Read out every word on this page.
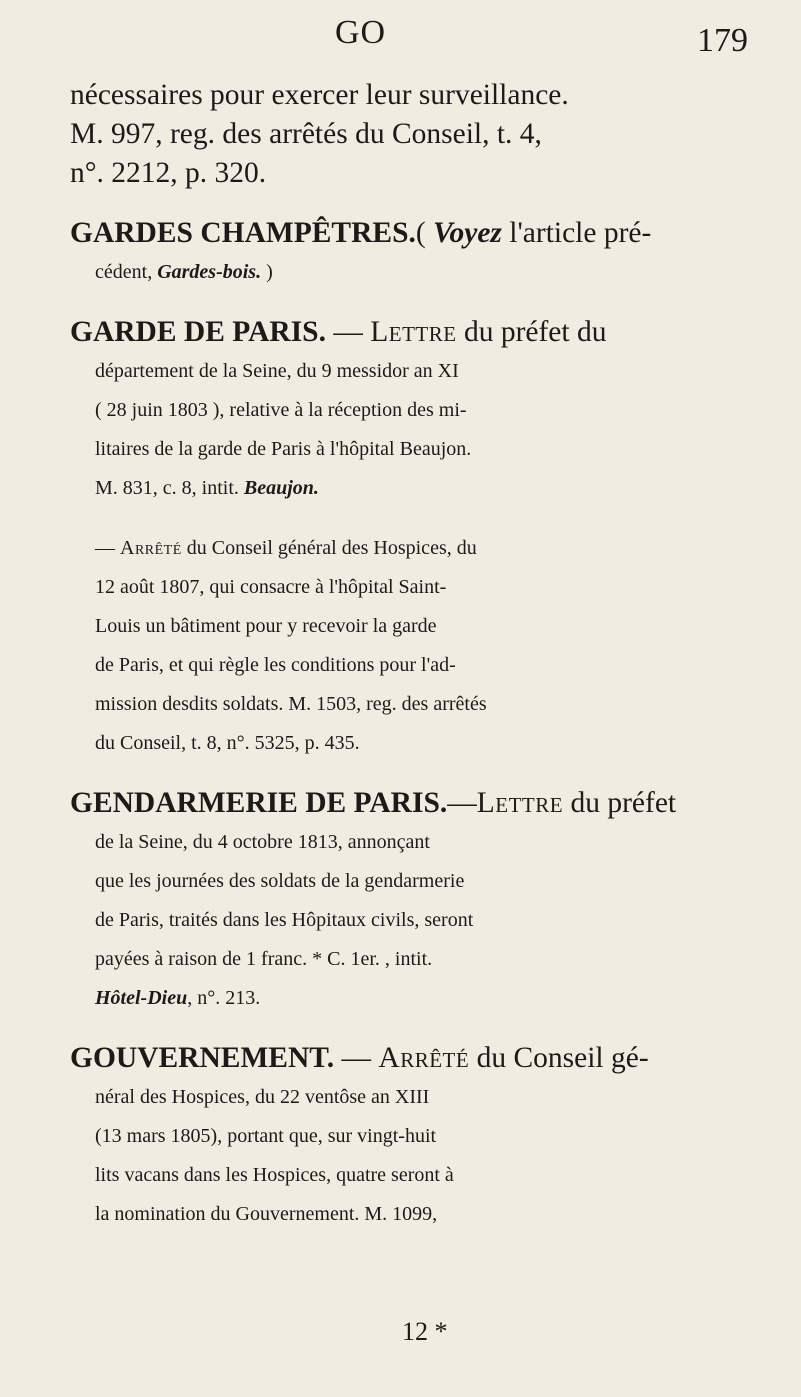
GO	179

nécessaires pour exercer leur surveillance.
M. 997, reg. des arrêtés du Conseil, t. 4,
n°. 2212, p. 320.

GARDES CHAMPÊTRES.( Voyez l'article pré-
cédent, Gardes-bois. )

GARDE DE PARIS. — Lettre du préfet du
département de la Seine, du 9 messidor an XI
( 28 juin 1803 ), relative à la réception des mi-
litaires de la garde de Paris à l'hôpital Beaujon.
M. 831, c. 8, intit. Beaujon.

— Arrêté du Conseil général des Hospices, du
12 août 1807, qui consacre à l'hôpital Saint-
Louis un bâtiment pour y recevoir la garde
de Paris, et qui règle les conditions pour l'ad-
mission desdits soldats. M. 1503, reg. des arrêtés
du Conseil, t. 8, n°. 5325, p. 435.

GENDARMERIE DE PARIS.—Lettre du préfet
de la Seine, du 4 octobre 1813, annonçant
que les journées des soldats de la gendarmerie
de Paris, traités dans les Hôpitaux civils, seront
payées à raison de 1 franc. * C. 1er. , intit.
Hôtel-Dieu, n°. 213.

GOUVERNEMENT. — Arrêté du Conseil gé-
néral des Hospices, du 22 ventôse an XIII
(13 mars 1805), portant que, sur vingt-huit
lits vacans dans les Hospices, quatre seront à
la nomination du Gouvernement. M. 1099,

12 *
